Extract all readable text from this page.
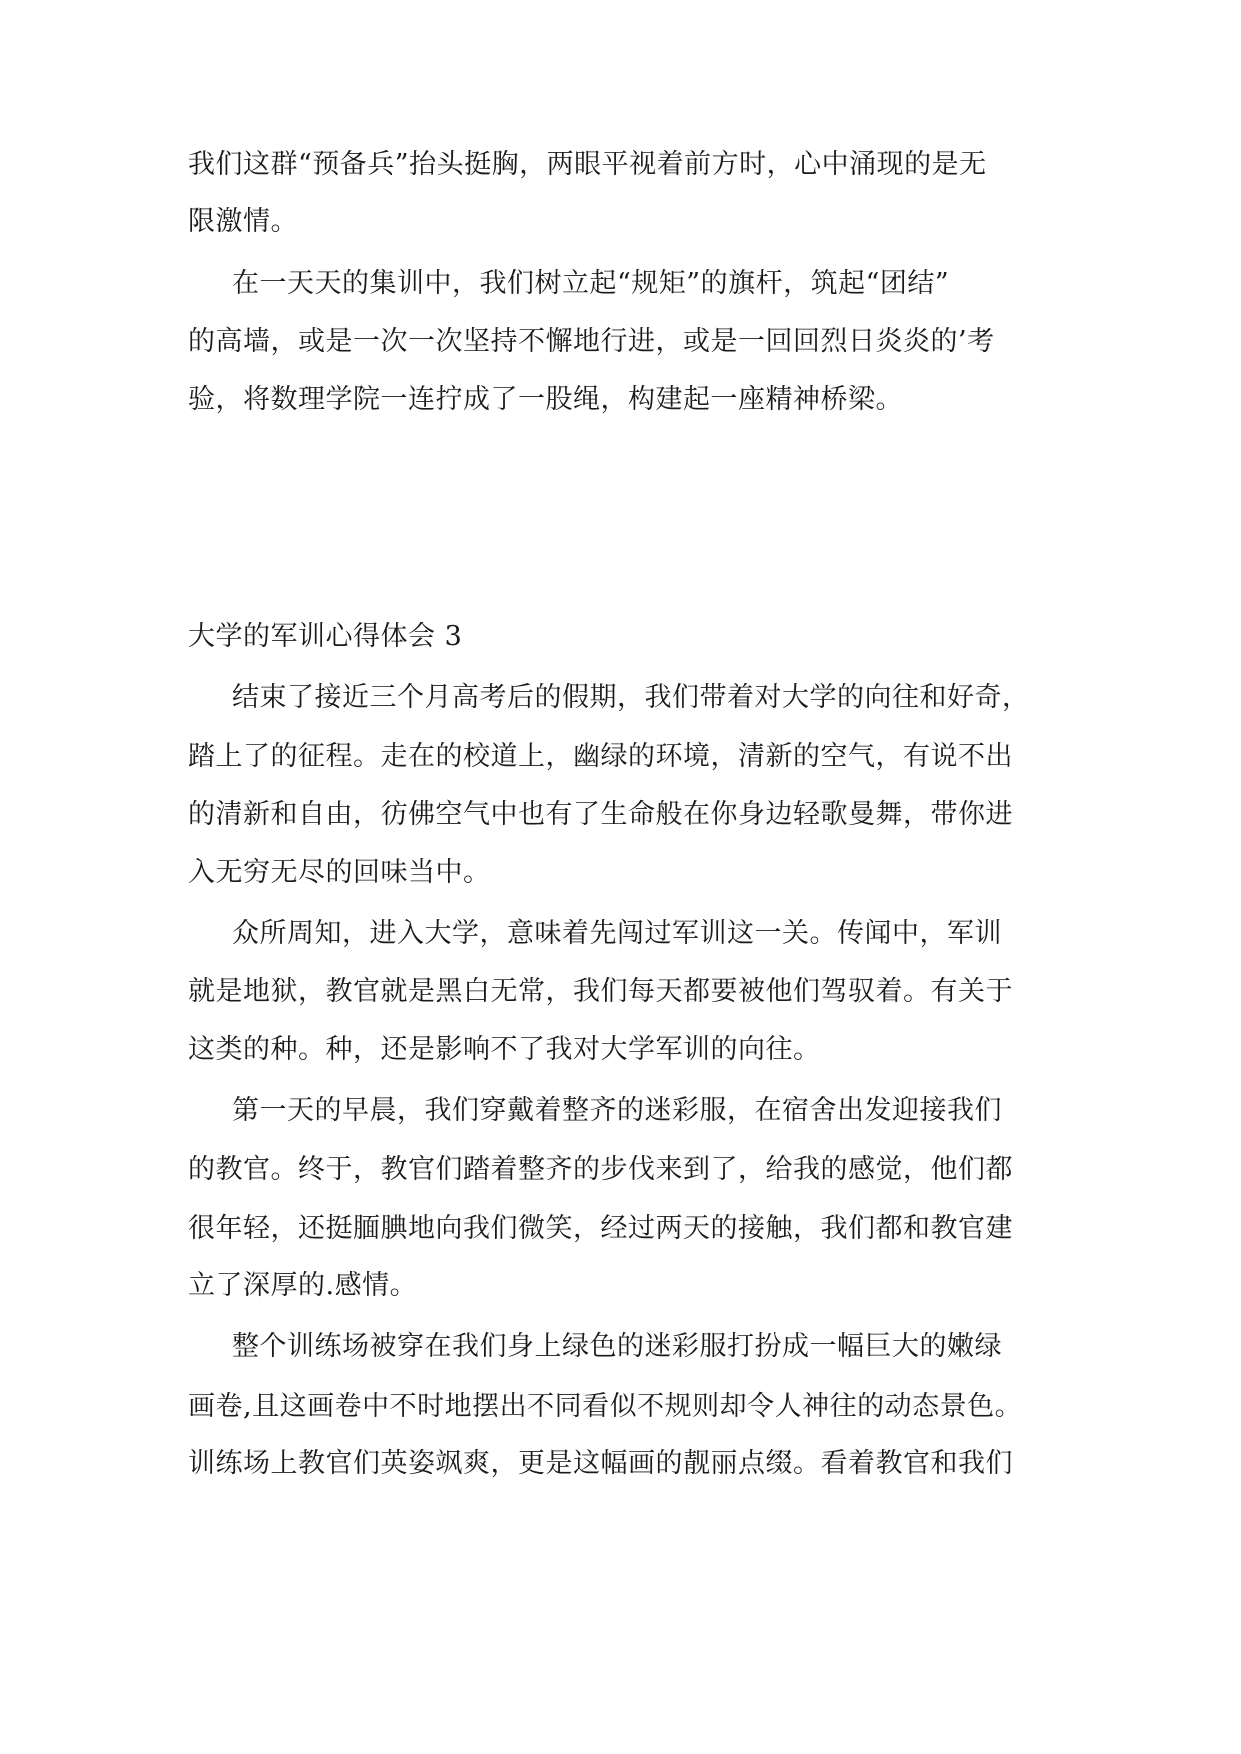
我们这群“预备兵”抬头挺胸，两眼平视着前方时，心中涌现的是无
限激情。
在一天天的集训中，我们树立起“规矩”的旗杆，筑起“团结”
的高墙，或是一次一次坚持不懈地行进，或是一回回烈日炎炎的’考
验，将数理学院一连拧成了一股绳，构建起一座精神桥梁。
大学的军训心得体会 3
结束了接近三个月高考后的假期，我们带着对大学的向往和好奇，
踏上了的征程。走在的校道上，幽绿的环境，清新的空气，有说不出
的清新和自由，彷佛空气中也有了生命般在你身边轻歌曼舞，带你进
入无穷无尽的回味当中。
众所周知，进入大学，意味着先闯过军训这一关。传闻中，军训
就是地狱，教官就是黑白无常，我们每天都要被他们驾驭着。有关于
这类的种。种，还是影响不了我对大学军训的向往。
第一天的早晨，我们穿戴着整齐的迷彩服，在宿舍出发迎接我们
的教官。终于，教官们踏着整齐的步伐来到了，给我的感觉，他们都
很年轻，还挺腼腆地向我们微笑，经过两天的接触，我们都和教官建
立了深厚的.感情。
整个训练场被穿在我们身上绿色的迷彩服打扮成一幅巨大的嫩绿
画卷,且这画卷中不时地摆出不同看似不规则却令人神往的动态景色。
训练场上教官们英姿飒爽，更是这幅画的靓丽点缀。看着教官和我们
